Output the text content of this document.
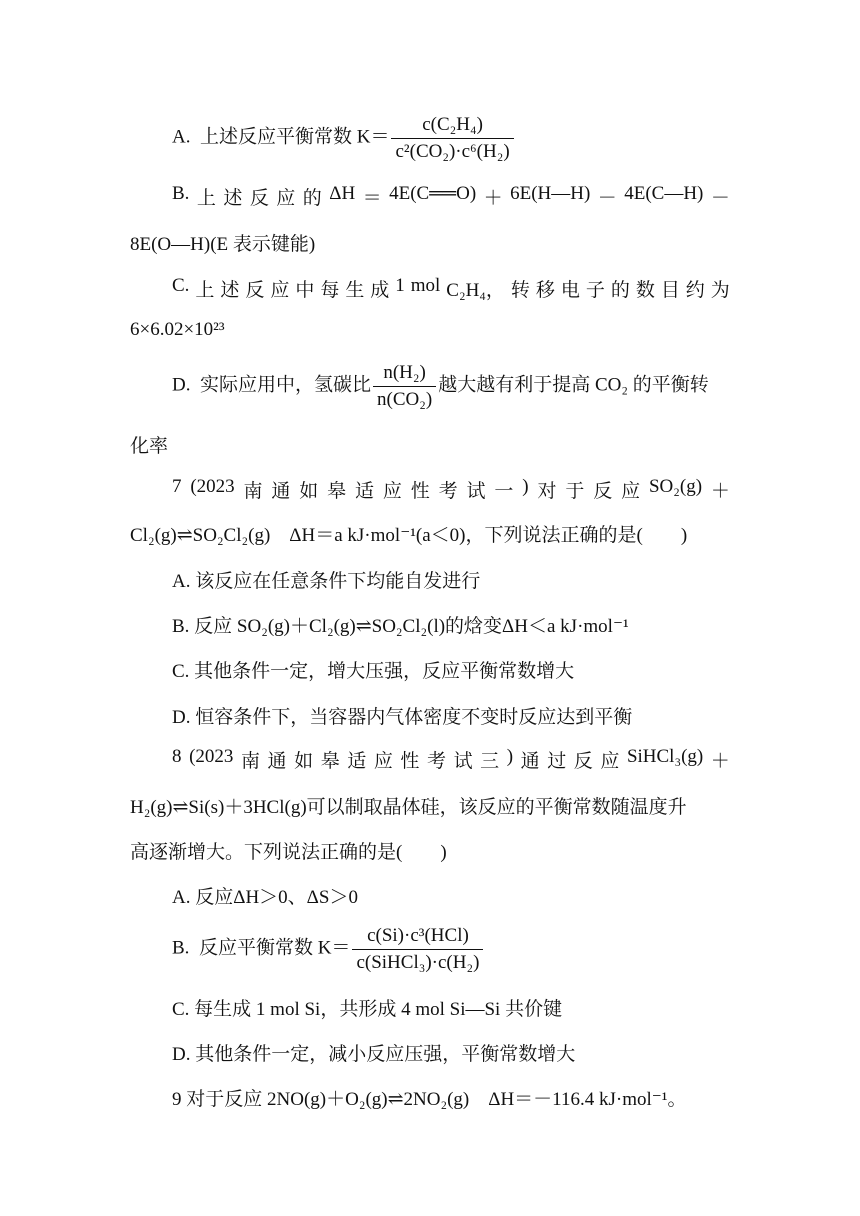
A. 上述反应平衡常数 $K= \frac{\text{c(C₂H₄)}}{\text{c²(CO₂)·c⁶(H₂)}}$
B. 上 述 反 应 的 ΔH ＝ 4E(C══O) ＋ 6E(H—H) － 4E(C—H) －
8E(O—H)(E 表示键能)
C. 上 述 反 应 中 每 生 成 1 mol C₂H₄， 转 移 电 子 的 数 目 约 为
6×6.02×10²³
D. 实际应用中，氢碳比 $\frac{\text{n(H₂)}}{\text{n(CO₂)}}$ 越大越有利于提高 CO₂ 的平衡转
化率
7 (2023 南 通 如 皋 适 应 性 考 试 一 ) 对 于 反 应 SO₂(g) ＋
Cl₂(g)⇌SO₂Cl₂(g)　ΔH＝a kJ·mol⁻¹(a＜0)，下列说法正确的是(　　)
A. 该反应在任意条件下均能自发进行
B. 反应 SO₂(g)＋Cl₂(g)⇌SO₂Cl₂(l)的焓变ΔH＜a kJ·mol⁻¹
C. 其他条件一定，增大压强，反应平衡常数增大
D. 恒容条件下，当容器内气体密度不变时反应达到平衡
8 (2023 南 通 如 皋 适 应 性 考 试 三 ) 通 过 反 应 SiHCl₃(g) ＋
H₂(g)⇌Si(s)＋3HCl(g)可以制取晶体硅，该反应的平衡常数随温度升
高逐渐增大。下列说法正确的是(　　)
A. 反应ΔH＞0、ΔS＞0
B. 反应平衡常数 $K= \frac{\text{c(Si)·c³(HCl)}}{\text{c(SiHCl₃)·c(H₂)}}$
C. 每生成 1 mol Si，共形成 4 mol Si—Si 共价键
D. 其他条件一定，减小反应压强，平衡常数增大
9 对于反应 2NO(g)＋O₂(g)⇌2NO₂(g)　ΔH＝－116.4 kJ·mol⁻¹。
